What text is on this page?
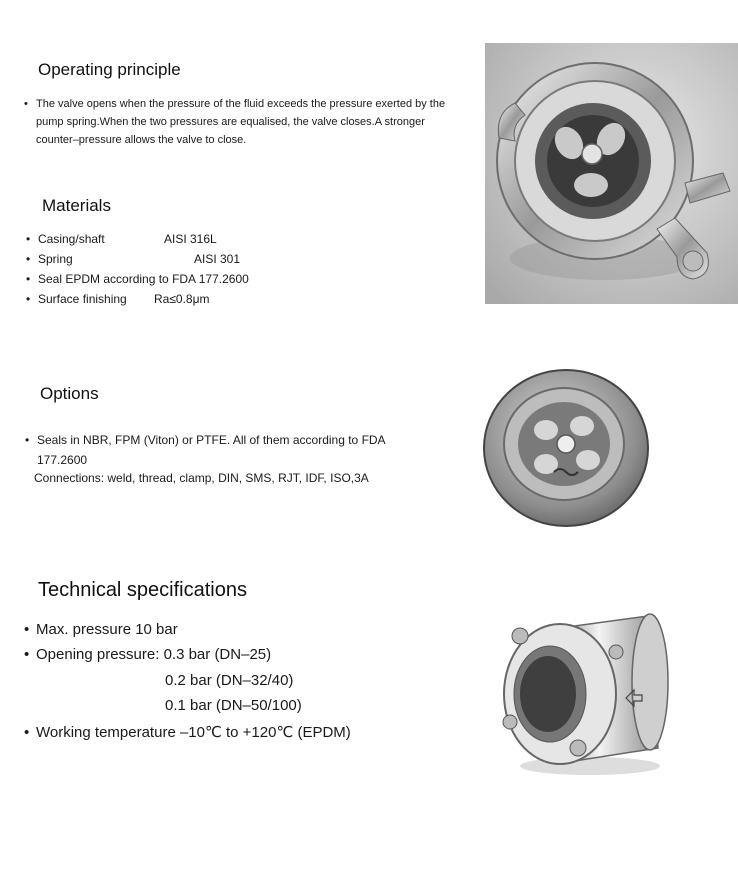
Operating principle
• The valve opens when the pressure of the fluid exceeds the pressure exerted by the pump spring.When the two pressures are equalised, the valve closes.A stronger counter–pressure allows the valve to close.
Materials
• Casing/shaft	AISI 316L
• Spring	AISI 301
• Seal EPDM according to FDA 177.2600
• Surface finishing Ra≤0.8μm
Options
• Seals in NBR, FPM (Viton) or PTFE. All of them according to FDA 177.2600

Connections: weld, thread, clamp, DIN, SMS, RJT, IDF, ISO,3A

Technical specifications
• Max. pressure 10 bar
• Opening pressure: 0.3 bar (DN–25)

0.2 bar (DN–32/40)

0.1 bar (DN–50/100)

• Working temperature –10℃ to +120℃ (EPDM)
